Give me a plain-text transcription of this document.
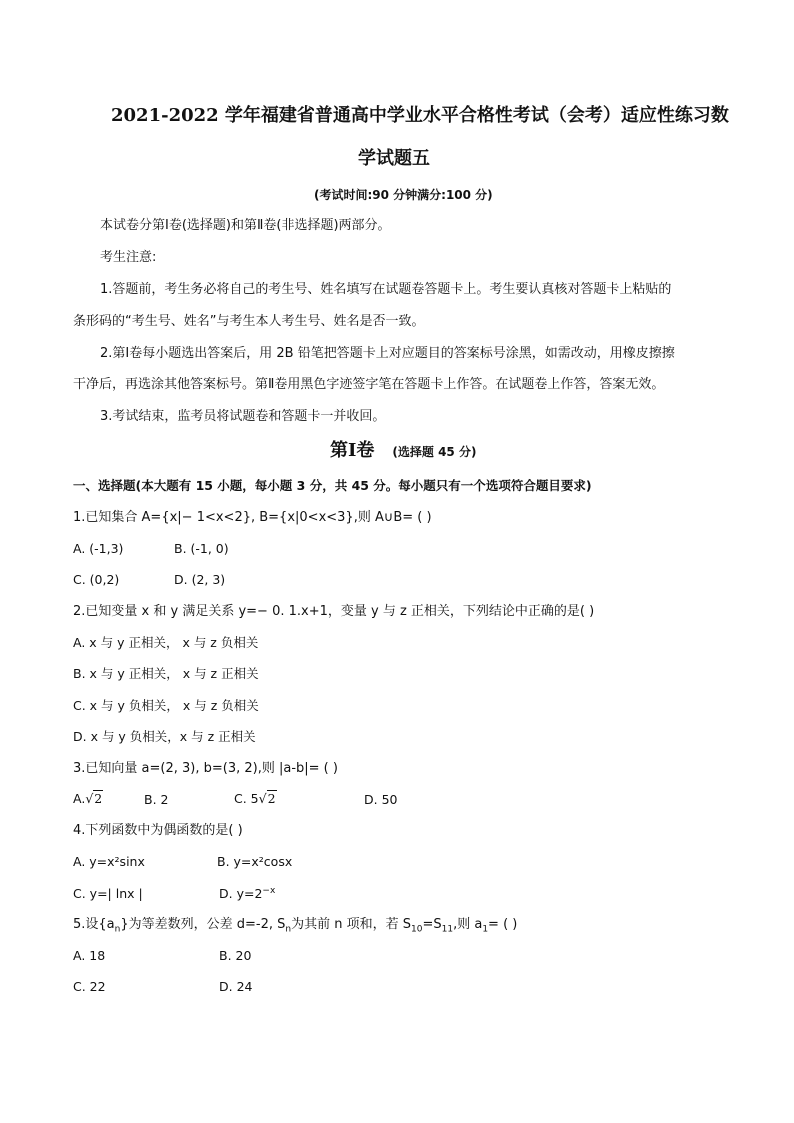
2021-2022 学年福建省普通高中学业水平合格性考试（会考）适应性练习数
学试题五
(考试时间:90 分钟满分:100 分)
本试卷分第Ⅰ卷(选择题)和第Ⅱ卷(非选择题)两部分。
考生注意:
1.答题前，考生务必将自己的考生号、姓名填写在试题卷答题卡上。考生要认真核对答题卡上粘贴的
条形码的“考生号、姓名”与考生本人考生号、姓名是否一致。
2.第Ⅰ卷每小题选出答案后，用 2B 铅笔把答题卡上对应题目的答案标号涂黑，如需改动，用橡皮擦擦
干净后，再选涂其他答案标号。第Ⅱ卷用黑色字迹签字笔在答题卡上作答。在试题卷上作答，答案无效。
3.考试结束，监考员将试题卷和答题卡一并收回。
第Ⅰ卷 (选择题 45 分)
一、选择题(本大题有 15 小题，每小题 3 分，共 45 分。每小题只有一个选项符合题目要求)
1.已知集合 A={x|− 1<x<2}, B={x|0<x<3},则 A∪B= ( )
A. (-1,3)	B. (-1, 0)
C. (0,2)	D. (2, 3)
2.已知变量 x 和 y 满足关系 y=− 0. 1.x+1，变量 y 与 z 正相关，下列结论中正确的是( )
A. x 与 y 正相关， x 与 z 负相关
B. x 与 y 正相关， x 与 z 正相关
C. x 与 y 负相关， x 与 z 负相关
D. x 与 y 负相关，x 与 z 正相关
3.已知向量 a=(2, 3), b=(3, 2),则 |a-b|= ( )
A.√2	B. 2	C. 5√2	D. 50
4.下列函数中为偶函数的是( )
A. y=x²sinx	B. y=x²cosx
C. y=| lnx |	D. $y=2^{-x}$
5.设$\{a_n\}$为等差数列，公差 d=-2, $S_n$为其前 n 项和，若 $S_{10}=S_{11}$,则 $a_1=$ ( )
A. 18	B. 20
C. 22	D. 24
